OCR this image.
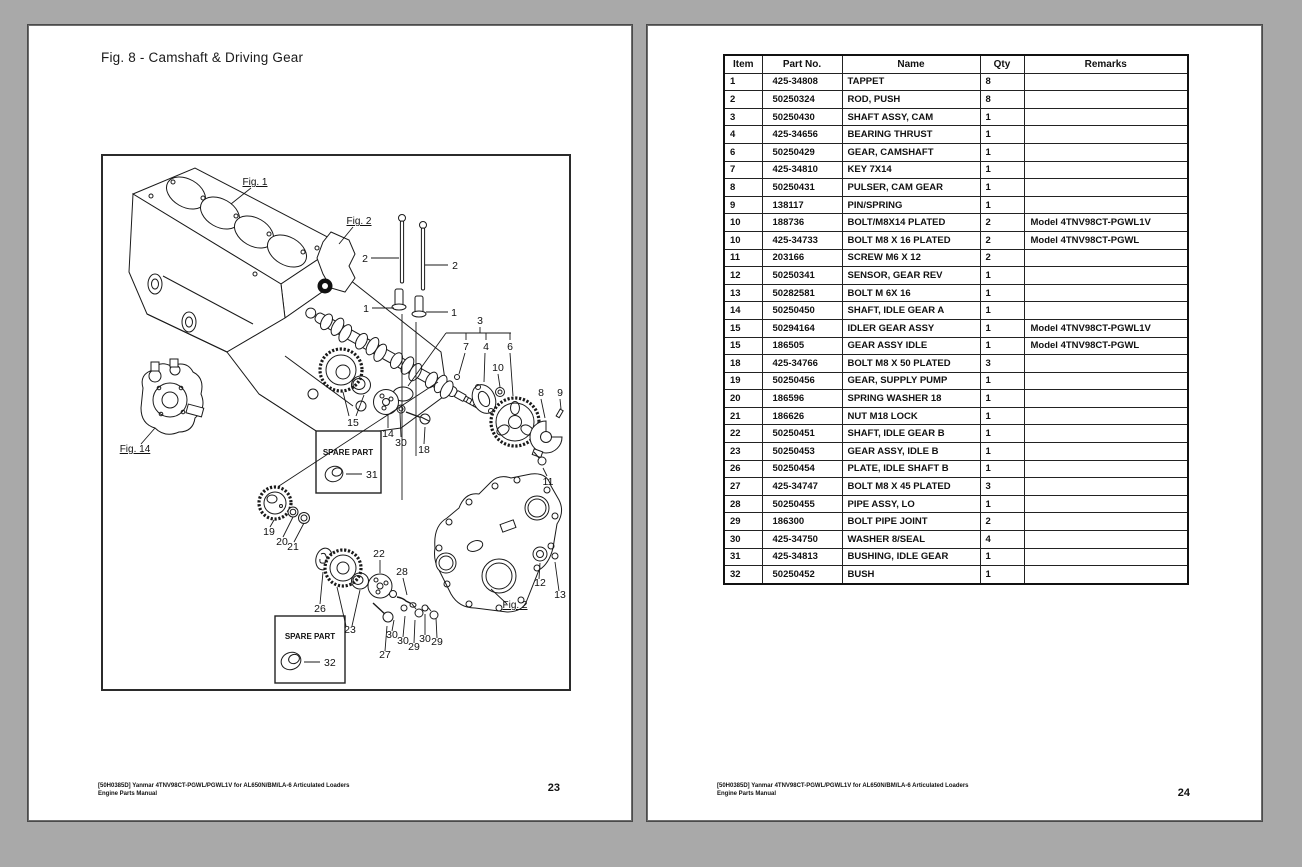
Fig. 8 - Camshaft & Driving Gear
Fig. 1
Fig. 2
2
2
1	1
3
7 4 6
10
8 9
11
15
14
30
18
Fig. 14
19
20 21
22
26
23
28
30 30 29
30 29
27
12
13
Fig. 2
SPARE PART
31
SPARE PART
32
[50H0385D] Yanmar 4TNV98CT-PGWL/PGWL1V for AL650N/BM/LA-6 Articulated Loaders Engine Parts Manual	23
Item	Part No.	Name	Qty	Remarks
1	425-34808	TAPPET	8	
2	50250324	ROD, PUSH	8	
3	50250430	SHAFT ASSY, CAM	1	
4	425-34656	BEARING THRUST	1	
6	50250429	GEAR, CAMSHAFT	1	
7	425-34810	KEY 7X14	1	
8	50250431	PULSER, CAM GEAR	1	
9	138117	PIN/SPRING	1	
10	188736	BOLT/M8X14 PLATED	2	Model 4TNV98CT-PGWL1V
10	425-34733	BOLT M8 X 16 PLATED	2	Model 4TNV98CT-PGWL
11	203166	SCREW M6 X 12	2	
12	50250341	SENSOR, GEAR REV	1	
13	50282581	BOLT M 6X 16	1	
14	50250450	SHAFT, IDLE GEAR A	1	
15	50294164	IDLER GEAR ASSY	1	Model 4TNV98CT-PGWL1V
15	186505	GEAR ASSY IDLE	1	Model 4TNV98CT-PGWL
18	425-34766	BOLT M8 X 50 PLATED	3	
19	50250456	GEAR, SUPPLY PUMP	1	
20	186596	SPRING WASHER 18	1	
21	186626	NUT M18 LOCK	1	
22	50250451	SHAFT, IDLE GEAR B	1	
23	50250453	GEAR ASSY, IDLE B	1	
26	50250454	PLATE, IDLE SHAFT B	1	
27	425-34747	BOLT M8 X 45 PLATED	3	
28	50250455	PIPE ASSY, LO	1	
29	186300	BOLT PIPE JOINT	2	
30	425-34750	WASHER 8/SEAL	4	
31	425-34813	BUSHING, IDLE GEAR	1	
32	50250452	BUSH	1	
[50H0385D] Yanmar 4TNV98CT-PGWL/PGWL1V for AL650N/BM/LA-6 Articulated Loaders Engine Parts Manual	24
